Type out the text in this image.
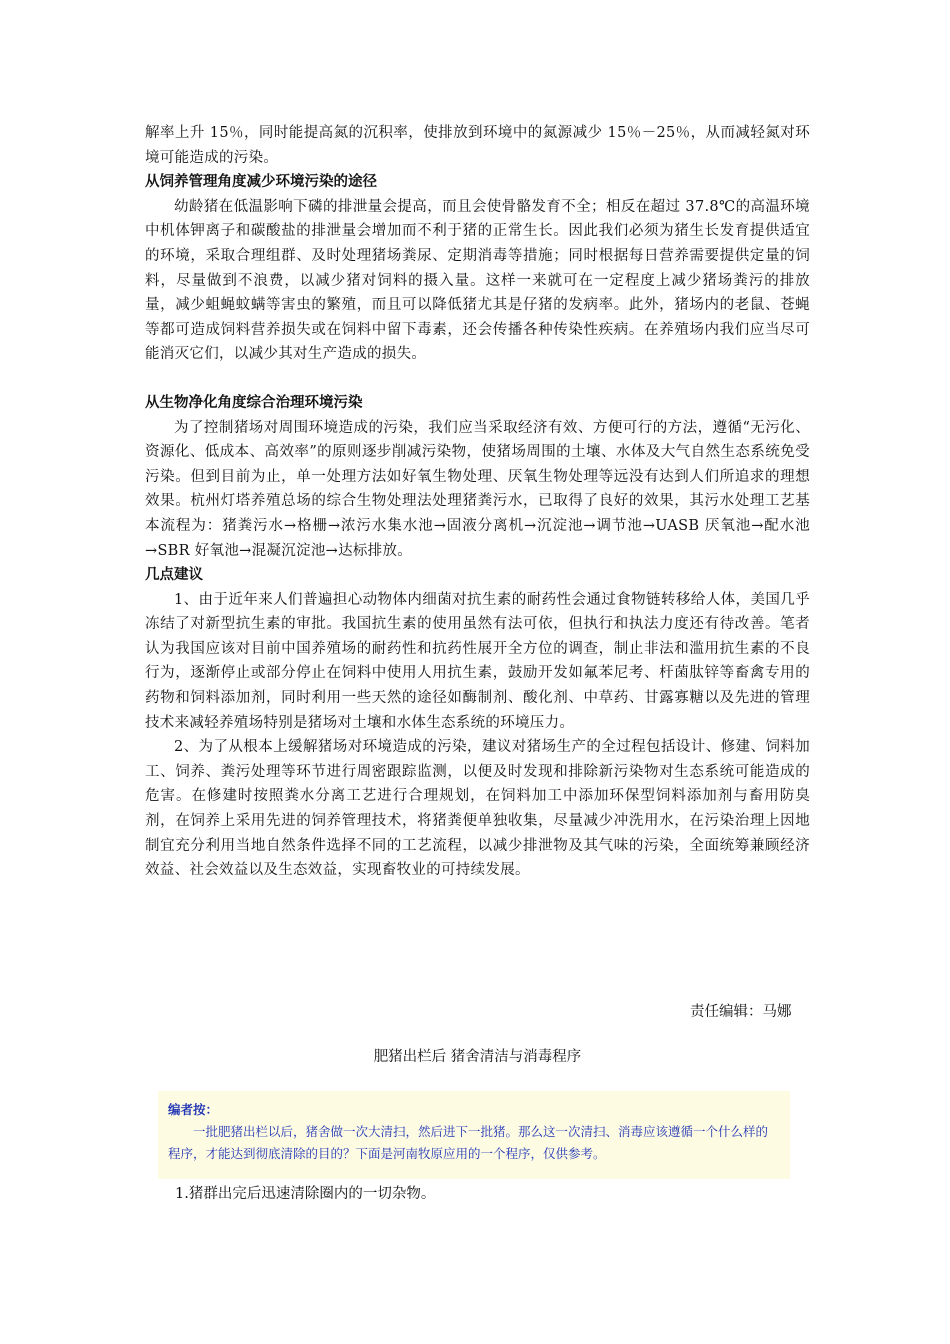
解率上升 15％，同时能提高氮的沉积率，使排放到环境中的氮源减少 15％－25％，从而减轻氮对环境可能造成的污染。

从饲养管理角度减少环境污染的途径

幼龄猪在低温影响下磷的排泄量会提高，而且会使骨骼发育不全；相反在超过 37.8℃的高温环境中机体钾离子和碳酸盐的排泄量会增加而不利于猪的正常生长。因此我们必须为猪生长发育提供适宜的环境，采取合理组群、及时处理猪场粪尿、定期消毒等措施；同时根据每日营养需要提供定量的饲料，尽量做到不浪费，以减少猪对饲料的摄入量。这样一来就可在一定程度上减少猪场粪污的排放量，减少蛆蝇蚊螨等害虫的繁殖，而且可以降低猪尤其是仔猪的发病率。此外，猪场内的老鼠、苍蝇等都可造成饲料营养损失或在饲料中留下毒素，还会传播各种传染性疾病。在养殖场内我们应当尽可能消灭它们，以减少其对生产造成的损失。

从生物净化角度综合治理环境污染

为了控制猪场对周围环境造成的污染，我们应当采取经济有效、方便可行的方法，遵循“无污化、资源化、低成本、高效率”的原则逐步削减污染物，使猪场周围的土壤、水体及大气自然生态系统免受污染。但到目前为止，单一处理方法如好氧生物处理、厌氧生物处理等远没有达到人们所追求的理想效果。杭州灯塔养殖总场的综合生物处理法处理猪粪污水，已取得了良好的效果，其污水处理工艺基本流程为：猪粪污水→格栅→浓污水集水池→固液分离机→沉淀池→调节池→UASB 厌氧池→配水池→SBR 好氧池→混凝沉淀池→达标排放。

几点建议

1、由于近年来人们普遍担心动物体内细菌对抗生素的耐药性会通过食物链转移给人体，美国几乎冻结了对新型抗生素的审批。我国抗生素的使用虽然有法可依，但执行和执法力度还有待改善。笔者认为我国应该对目前中国养殖场的耐药性和抗药性展开全方位的调查，制止非法和滥用抗生素的不良行为，逐渐停止或部分停止在饲料中使用人用抗生素，鼓励开发如氟苯尼考、杆菌肽锌等畜禽专用的药物和饲料添加剂，同时利用一些天然的途径如酶制剂、酸化剂、中草药、甘露寡糖以及先进的管理技术来减轻养殖场特别是猪场对土壤和水体生态系统的环境压力。

2、为了从根本上缓解猪场对环境造成的污染，建议对猪场生产的全过程包括设计、修建、饲料加工、饲养、粪污处理等环节进行周密跟踪监测，以便及时发现和排除新污染物对生态系统可能造成的危害。在修建时按照粪水分离工艺进行合理规划，在饲料加工中添加环保型饲料添加剂与畜用防臭剂，在饲养上采用先进的饲养管理技术，将猪粪便单独收集，尽量减少冲洗用水，在污染治理上因地制宜充分利用当地自然条件选择不同的工艺流程，以减少排泄物及其气味的污染，全面统筹兼顾经济效益、社会效益以及生态效益，实现畜牧业的可持续发展。

责任编辑：马娜
肥猪出栏后 猪舍清洁与消毒程序
编者按：
一批肥猪出栏以后，猪舍做一次大清扫，然后进下一批猪。那么这一次清扫、消毒应该遵循一个什么样的程序，才能达到彻底清除的目的？下面是河南牧原应用的一个程序，仅供参考。
1.猪群出完后迅速清除圈内的一切杂物。
